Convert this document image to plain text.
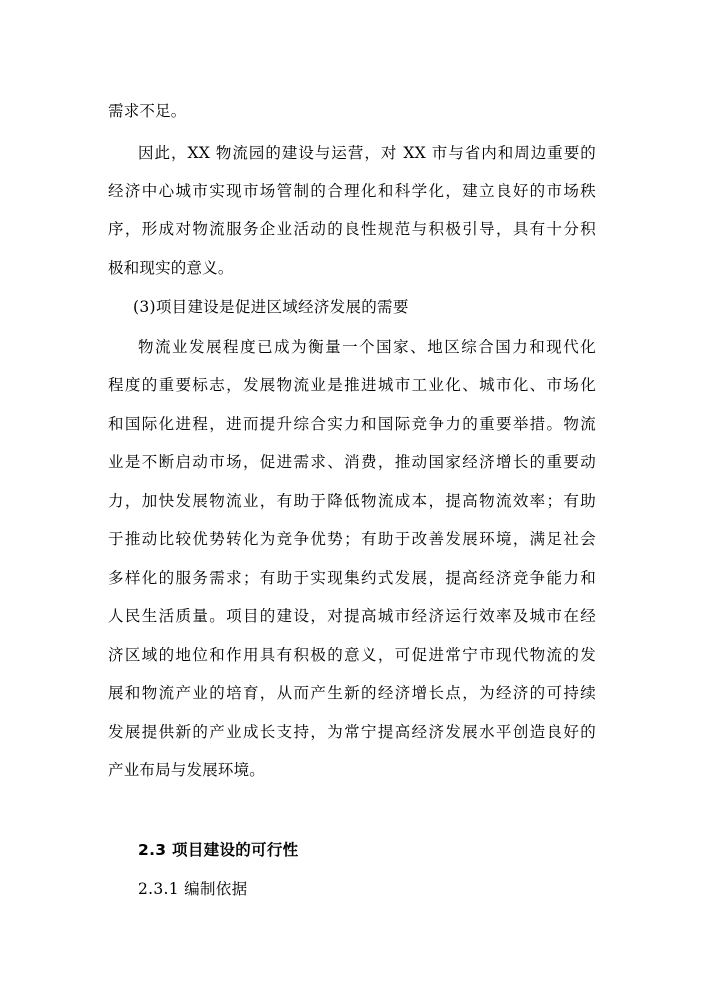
需求不足。
因此，XX 物流园的建设与运营，对 XX 市与省内和周边重要的
经济中心城市实现市场管制的合理化和科学化，建立良好的市场秩
序，形成对物流服务企业活动的良性规范与积极引导，具有十分积
极和现实的意义。
(3)项目建设是促进区域经济发展的需要
物流业发展程度已成为衡量一个国家、地区综合国力和现代化
程度的重要标志，发展物流业是推进城市工业化、城市化、市场化
和国际化进程，进而提升综合实力和国际竞争力的重要举措。物流
业是不断启动市场，促进需求、消费，推动国家经济增长的重要动
力，加快发展物流业，有助于降低物流成本，提高物流效率；有助
于推动比较优势转化为竞争优势；有助于改善发展环境，满足社会
多样化的服务需求；有助于实现集约式发展，提高经济竞争能力和
人民生活质量。项目的建设，对提高城市经济运行效率及城市在经
济区域的地位和作用具有积极的意义，可促进常宁市现代物流的发
展和物流产业的培育，从而产生新的经济增长点，为经济的可持续
发展提供新的产业成长支持，为常宁提高经济发展水平创造良好的
产业布局与发展环境。
2.3 项目建设的可行性
2.3.1 编制依据
